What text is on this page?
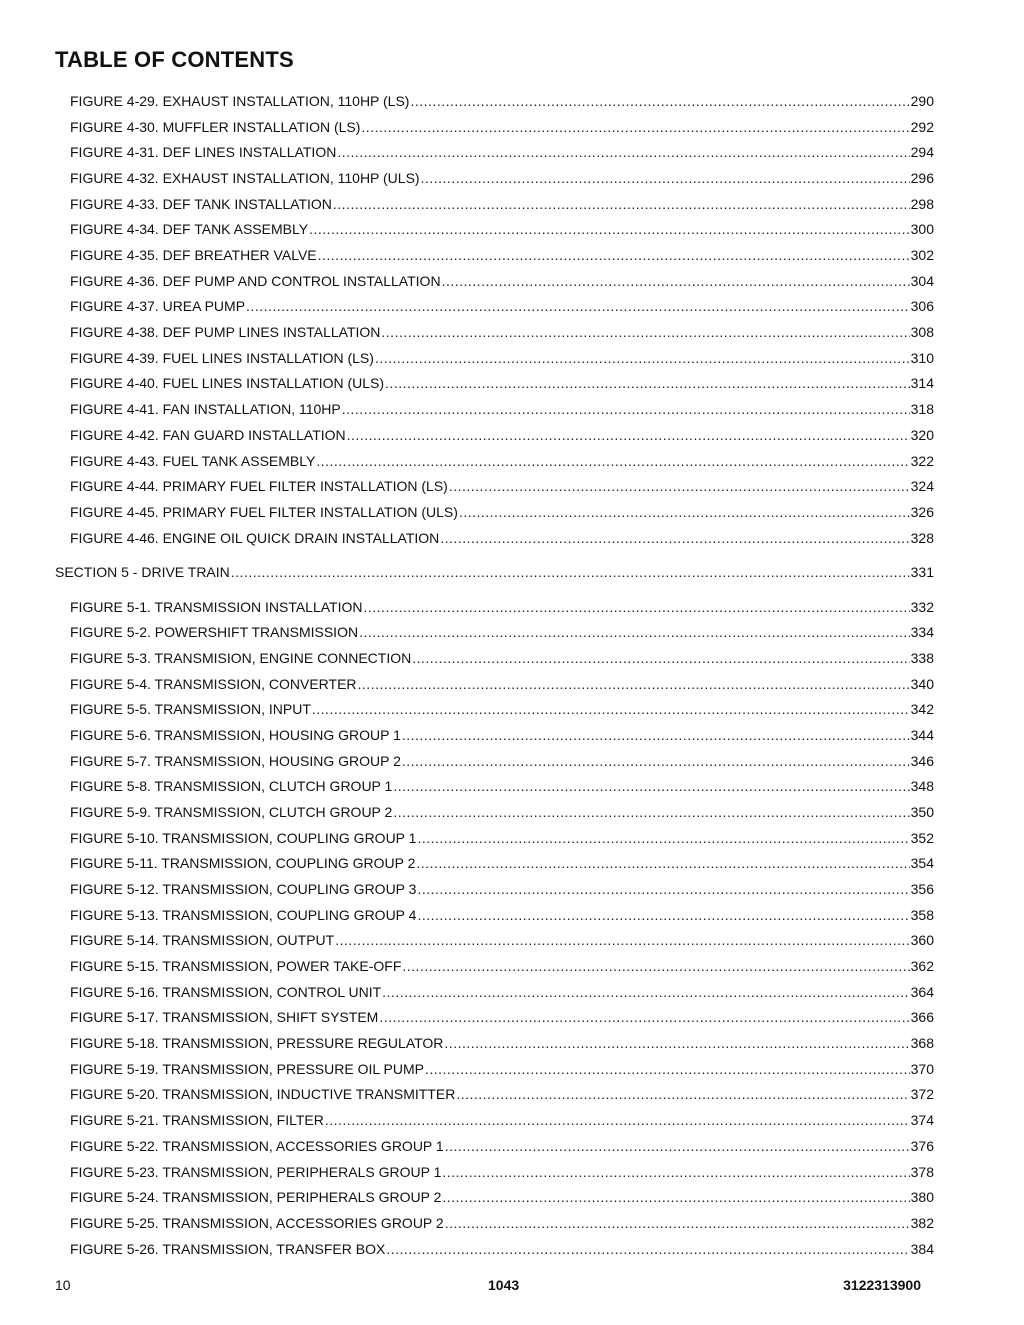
TABLE OF CONTENTS
FIGURE 4-29. EXHAUST INSTALLATION, 110HP (LS) .....	290
FIGURE 4-30. MUFFLER INSTALLATION (LS) .....	292
FIGURE 4-31. DEF LINES INSTALLATION .....	294
FIGURE 4-32. EXHAUST INSTALLATION, 110HP (ULS) .....	296
FIGURE 4-33. DEF TANK INSTALLATION .....	298
FIGURE 4-34. DEF TANK ASSEMBLY .....	300
FIGURE 4-35. DEF BREATHER VALVE .....	302
FIGURE 4-36. DEF PUMP AND CONTROL INSTALLATION .....	304
FIGURE 4-37. UREA PUMP .....	306
FIGURE 4-38. DEF PUMP LINES INSTALLATION .....	308
FIGURE 4-39. FUEL LINES INSTALLATION (LS) .....	310
FIGURE 4-40. FUEL LINES INSTALLATION (ULS) .....	314
FIGURE 4-41. FAN INSTALLATION, 110HP .....	318
FIGURE 4-42. FAN GUARD INSTALLATION .....	320
FIGURE 4-43. FUEL TANK ASSEMBLY .....	322
FIGURE 4-44. PRIMARY FUEL FILTER INSTALLATION (LS) .....	324
FIGURE 4-45. PRIMARY FUEL FILTER INSTALLATION (ULS) .....	326
FIGURE 4-46. ENGINE OIL QUICK DRAIN INSTALLATION .....	328
SECTION 5 - DRIVE TRAIN .....	331
FIGURE 5-1. TRANSMISSION INSTALLATION .....	332
FIGURE 5-2. POWERSHIFT TRANSMISSION .....	334
FIGURE 5-3. TRANSMISION, ENGINE CONNECTION .....	338
FIGURE 5-4. TRANSMISSION, CONVERTER .....	340
FIGURE 5-5. TRANSMISSION, INPUT .....	342
FIGURE 5-6. TRANSMISSION, HOUSING GROUP 1 .....	344
FIGURE 5-7. TRANSMISSION, HOUSING GROUP 2 .....	346
FIGURE 5-8. TRANSMISSION, CLUTCH GROUP 1 .....	348
FIGURE 5-9. TRANSMISSION, CLUTCH GROUP 2 .....	350
FIGURE 5-10. TRANSMISSION, COUPLING GROUP 1 .....	352
FIGURE 5-11. TRANSMISSION, COUPLING GROUP 2 .....	354
FIGURE 5-12. TRANSMISSION, COUPLING GROUP 3 .....	356
FIGURE 5-13. TRANSMISSION, COUPLING GROUP 4 .....	358
FIGURE 5-14. TRANSMISSION, OUTPUT .....	360
FIGURE 5-15. TRANSMISSION, POWER TAKE-OFF .....	362
FIGURE 5-16. TRANSMISSION, CONTROL UNIT .....	364
FIGURE 5-17. TRANSMISSION, SHIFT SYSTEM .....	366
FIGURE 5-18. TRANSMISSION, PRESSURE REGULATOR .....	368
FIGURE 5-19. TRANSMISSION, PRESSURE OIL PUMP .....	370
FIGURE 5-20. TRANSMISSION, INDUCTIVE TRANSMITTER .....	372
FIGURE 5-21. TRANSMISSION, FILTER .....	374
FIGURE 5-22. TRANSMISSION, ACCESSORIES GROUP 1 .....	376
FIGURE 5-23. TRANSMISSION, PERIPHERALS GROUP 1 .....	378
FIGURE 5-24. TRANSMISSION, PERIPHERALS GROUP 2 .....	380
FIGURE 5-25. TRANSMISSION, ACCESSORIES GROUP 2 .....	382
FIGURE 5-26. TRANSMISSION, TRANSFER BOX .....	384
10	1043	3122313900
